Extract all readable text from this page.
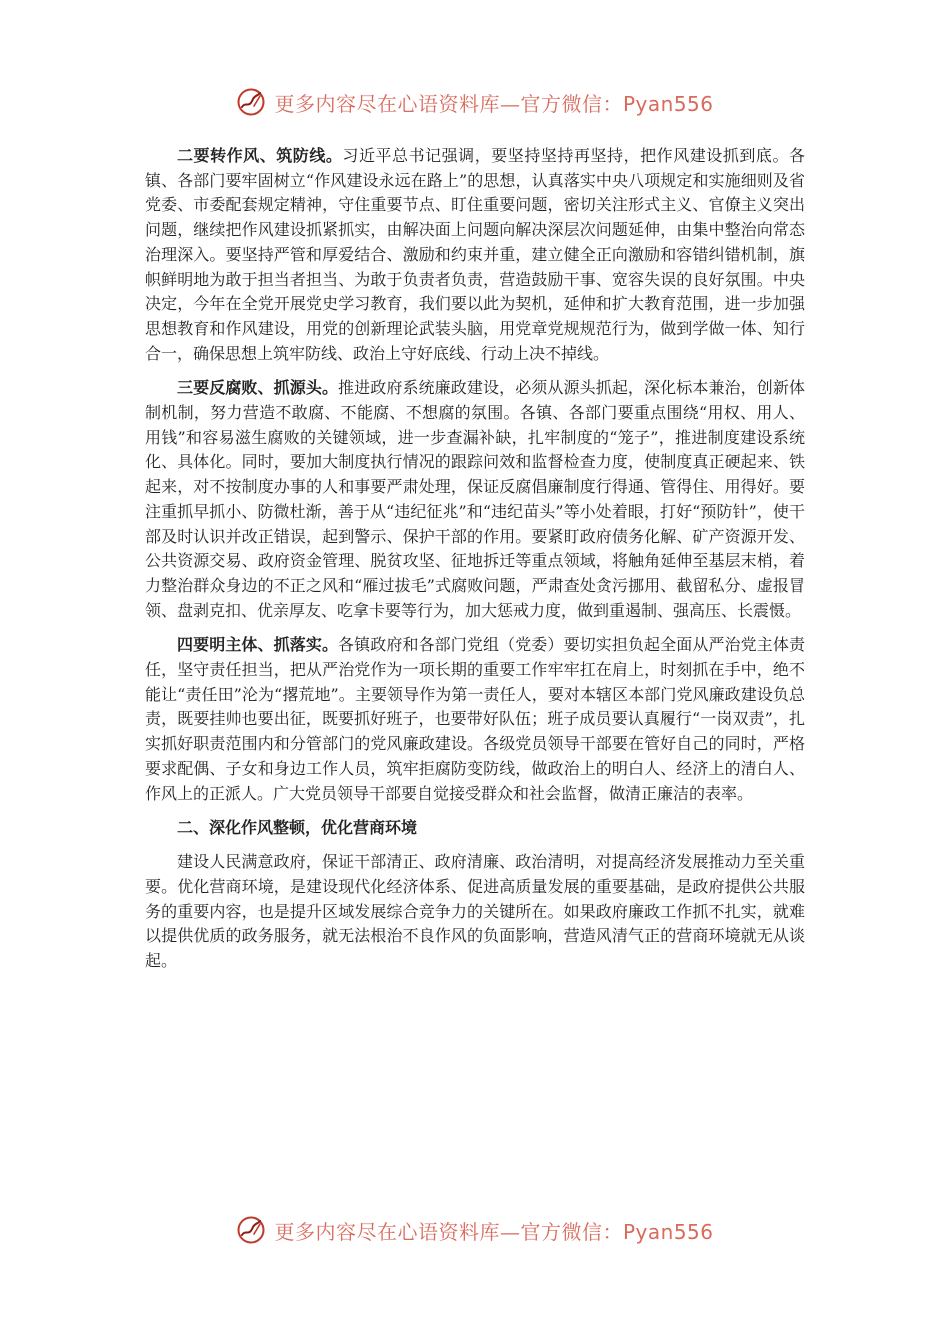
更多内容尽在心语资料库—官方微信：Pyan556

二要转作风、筑防线。习近平总书记强调，要坚持坚持再坚持，把作风建设抓到底。各镇、各部门要牢固树立“作风建设永远在路上”的思想，认真落实中央八项规定和实施细则及省党委、市委配套规定精神，守住重要节点、盯住重要问题，密切关注形式主义、官僚主义突出问题，继续把作风建设抓紧抓实，由解决面上问题向解决深层次问题延伸，由集中整治向常态治理深入。要坚持严管和厚爱结合、激励和约束并重，建立健全正向激励和容错纠错机制，旗帜鲜明地为敢于担当者担当、为敢于负责者负责，营造鼓励干事、宽容失误的良好氛围。中央决定，今年在全党开展党史学习教育，我们要以此为契机，延伸和扩大教育范围，进一步加强思想教育和作风建设，用党的创新理论武装头脑，用党章党规规范行为，做到学做一体、知行合一，确保思想上筑牢防线、政治上守好底线、行动上决不掉线。

三要反腐败、抓源头。推进政府系统廉政建设，必须从源头抓起，深化标本兼治，创新体制机制，努力营造不敢腐、不能腐、不想腐的氛围。各镇、各部门要重点围绕“用权、用人、用钱”和容易滋生腐败的关键领域，进一步查漏补缺，扎牢制度的“笼子”，推进制度建设系统化、具体化。同时，要加大制度执行情况的跟踪问效和监督检查力度，使制度真正硬起来、铁起来，对不按制度办事的人和事要严肃处理，保证反腐倡廉制度行得通、管得住、用得好。要注重抓早抓小、防微杜渐，善于从“违纪征兆”和“违纪苗头”等小处着眼，打好“预防针”，使干部及时认识并改正错误，起到警示、保护干部的作用。要紧盯政府债务化解、矿产资源开发、公共资源交易、政府资金管理、脱贫攻坚、征地拆迁等重点领域，将触角延伸至基层末梢，着力整治群众身边的不正之风和“雁过拔毛”式腐败问题，严肃查处贪污挪用、截留私分、虚报冒领、盘剥克扣、优亲厚友、吃拿卡要等行为，加大惩戒力度，做到重遏制、强高压、长震慑。

四要明主体、抓落实。各镇政府和各部门党组（党委）要切实担负起全面从严治党主体责任，坚守责任担当，把从严治党作为一项长期的重要工作牢牢扛在肩上，时刻抓在手中，绝不能让“责任田”沦为“撂荒地”。主要领导作为第一责任人，要对本辖区本部门党风廉政建设负总责，既要挂帅也要出征，既要抓好班子，也要带好队伍；班子成员要认真履行“一岗双责”，扎实抓好职责范围内和分管部门的党风廉政建设。各级党员领导干部要在管好自己的同时，严格要求配偶、子女和身边工作人员，筑牢拒腐防变防线，做政治上的明白人、经济上的清白人、作风上的正派人。广大党员领导干部要自觉接受群众和社会监督，做清正廉洁的表率。

二、深化作风整顿，优化营商环境

建设人民满意政府，保证干部清正、政府清廉、政治清明，对提高经济发展推动力至关重要。优化营商环境，是建设现代化经济体系、促进高质量发展的重要基础，是政府提供公共服务的重要内容，也是提升区域发展综合竞争力的关键所在。如果政府廉政工作抓不扎实，就难以提供优质的政务服务，就无法根治不良作风的负面影响，营造风清气正的营商环境就无从谈起。

更多内容尽在心语资料库—官方微信：Pyan556
